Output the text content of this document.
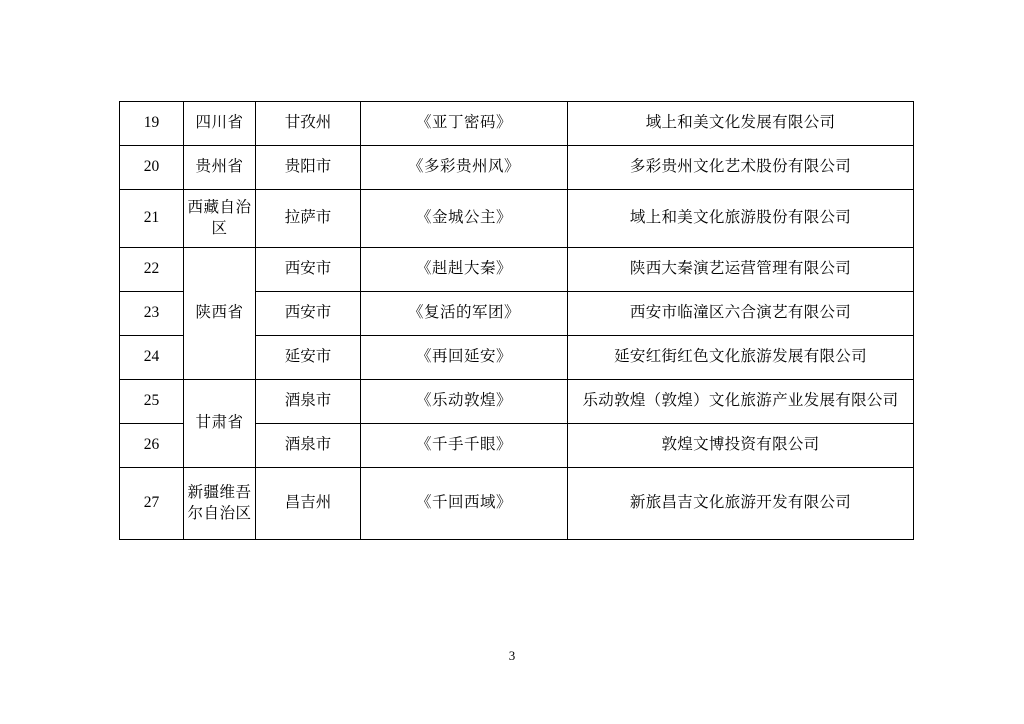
19	四川省	甘孜州	《亚丁密码》	域上和美文化发展有限公司
20	贵州省	贵阳市	《多彩贵州风》	多彩贵州文化艺术股份有限公司
21	西藏自治区	拉萨市	《金城公主》	域上和美文化旅游股份有限公司
22	陕西省	西安市	《赳赳大秦》	陕西大秦演艺运营管理有限公司
23		西安市	《复活的军团》	西安市临潼区六合演艺有限公司
24		延安市	《再回延安》	延安红街红色文化旅游发展有限公司
25	甘肃省	酒泉市	《乐动敦煌》	乐动敦煌（敦煌）文化旅游产业发展有限公司
26		酒泉市	《千手千眼》	敦煌文博投资有限公司
27	新疆维吾尔自治区	昌吉州	《千回西域》	新旅昌吉文化旅游开发有限公司
3
